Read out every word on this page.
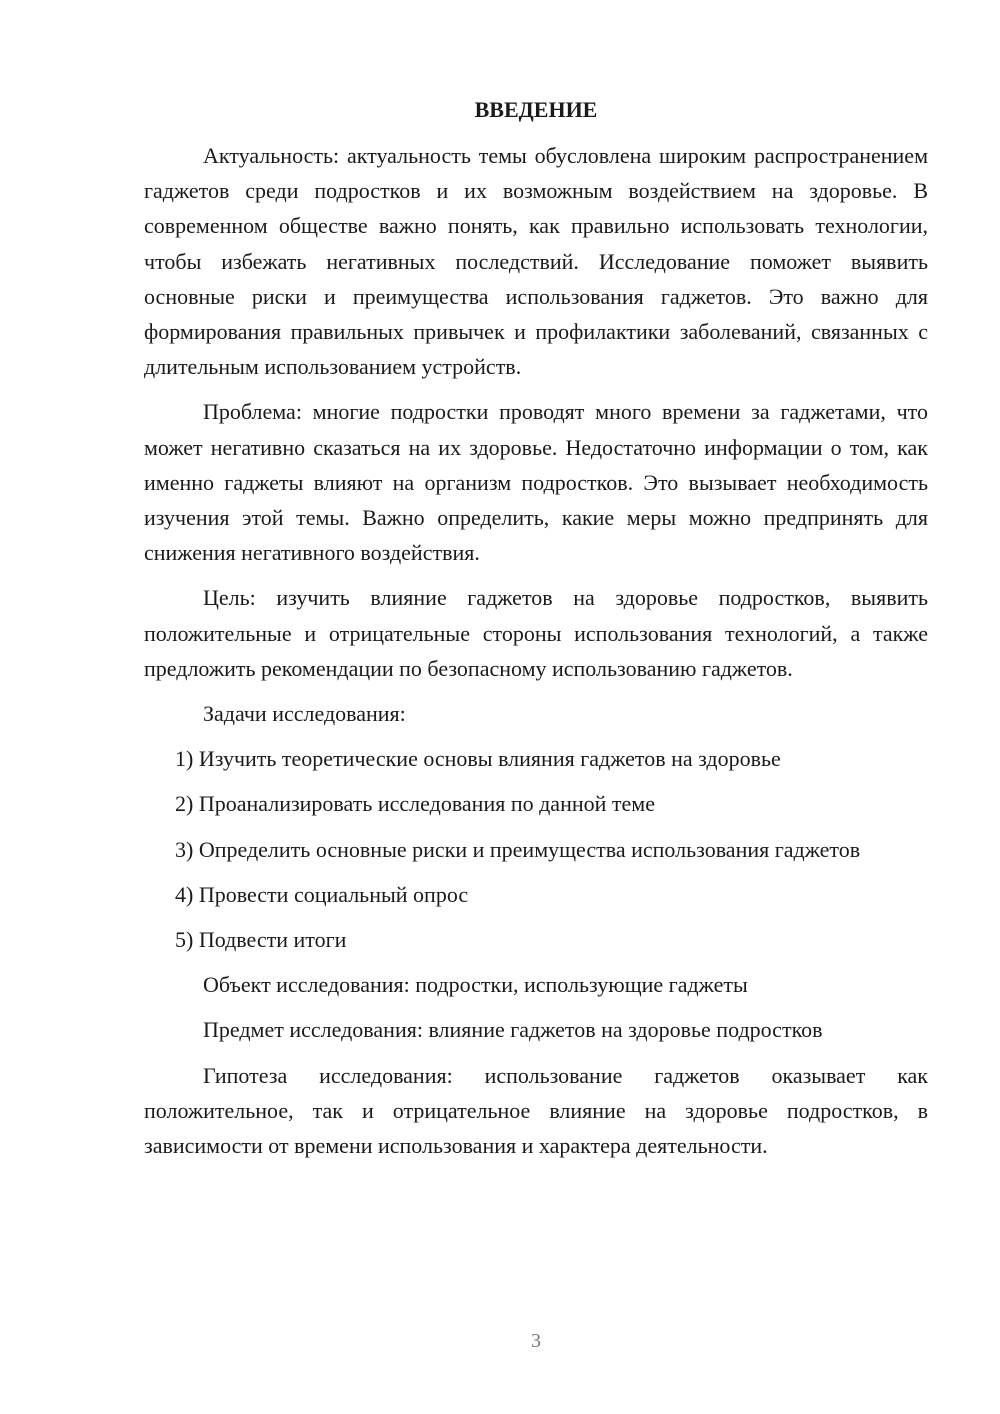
ВВЕДЕНИЕ

Актуальность: актуальность темы обусловлена широким распространением гаджетов среди подростков и их возможным воздействием на здоровье. В современном обществе важно понять, как правильно использовать технологии, чтобы избежать негативных последствий. Исследование поможет выявить основные риски и преимущества использования гаджетов. Это важно для формирования правильных привычек и профилактики заболеваний, связанных с длительным использованием устройств.

Проблема: многие подростки проводят много времени за гаджетами, что может негативно сказаться на их здоровье. Недостаточно информации о том, как именно гаджеты влияют на организм подростков. Это вызывает необходимость изучения этой темы. Важно определить, какие меры можно предпринять для снижения негативного воздействия.

Цель: изучить влияние гаджетов на здоровье подростков, выявить положительные и отрицательные стороны использования технологий, а также предложить рекомендации по безопасному использованию гаджетов.

Задачи исследования:

1) Изучить теоретические основы влияния гаджетов на здоровье

2) Проанализировать исследования по данной теме

3) Определить основные риски и преимущества использования гаджетов

4) Провести социальный опрос

5) Подвести итоги

Объект исследования: подростки, использующие гаджеты

Предмет исследования: влияние гаджетов на здоровье подростков

Гипотеза исследования: использование гаджетов оказывает как положительное, так и отрицательное влияние на здоровье подростков, в зависимости от времени использования и характера деятельности.

3
